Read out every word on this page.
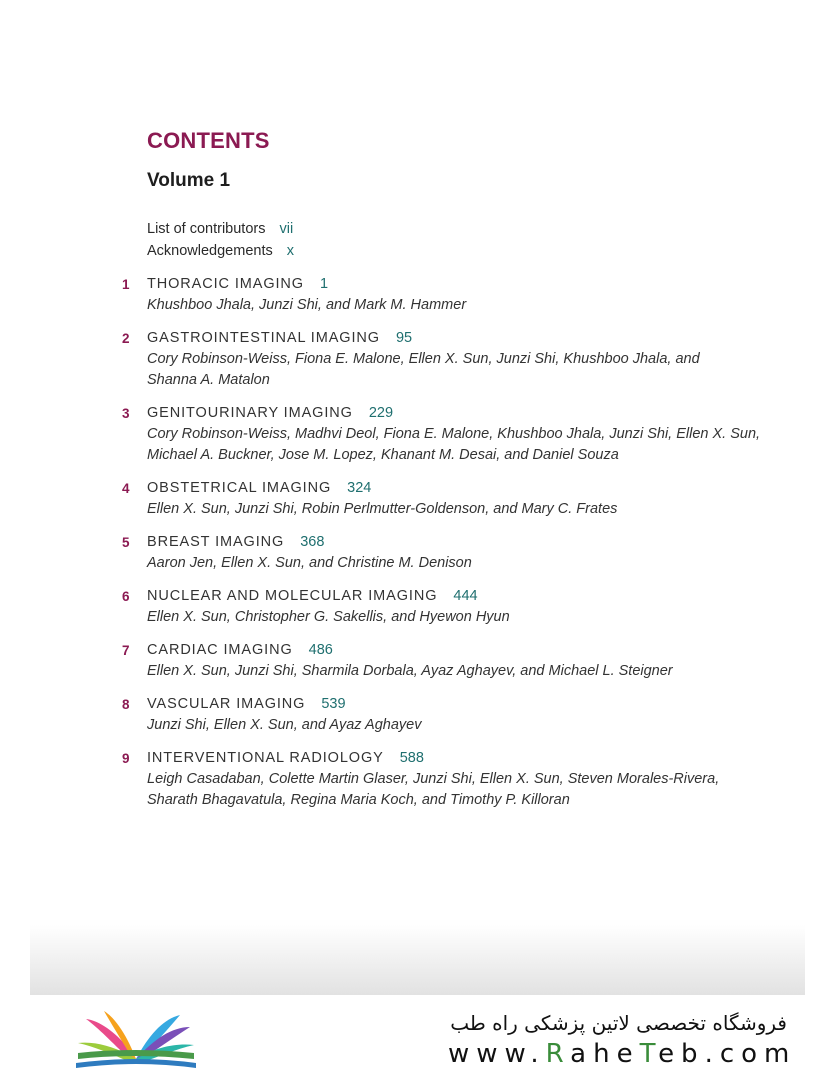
CONTENTS
Volume 1
List of contributors vii
Acknowledgements x
1	THORACIC IMAGING 1
Khushboo Jhala, Junzi Shi, and Mark M. Hammer
2	GASTROINTESTINAL IMAGING 95
Cory Robinson-Weiss, Fiona E. Malone, Ellen X. Sun, Junzi Shi, Khushboo Jhala, and
Shanna A. Matalon
3	GENITOURINARY IMAGING 229
Cory Robinson-Weiss, Madhvi Deol, Fiona E. Malone, Khushboo Jhala, Junzi Shi, Ellen X. Sun,
Michael A. Buckner, Jose M. Lopez, Khanant M. Desai, and Daniel Souza
4	OBSTETRICAL IMAGING 324
Ellen X. Sun, Junzi Shi, Robin Perlmutter-Goldenson, and Mary C. Frates
5	BREAST IMAGING 368
Aaron Jen, Ellen X. Sun, and Christine M. Denison
6	NUCLEAR AND MOLECULAR IMAGING 444
Ellen X. Sun, Christopher G. Sakellis, and Hyewon Hyun
7	CARDIAC IMAGING 486
Ellen X. Sun, Junzi Shi, Sharmila Dorbala, Ayaz Aghayev, and Michael L. Steigner
8	VASCULAR IMAGING 539
Junzi Shi, Ellen X. Sun, and Ayaz Aghayev
9	INTERVENTIONAL RADIOLOGY 588
Leigh Casadaban, Colette Martin Glaser, Junzi Shi, Ellen X. Sun, Steven Morales-Rivera,
Sharath Bhagavatula, Regina Maria Koch, and Timothy P. Killoran
فروشگاه تخصصی لاتین پزشکی راه طب
www.RaheTeb.com
